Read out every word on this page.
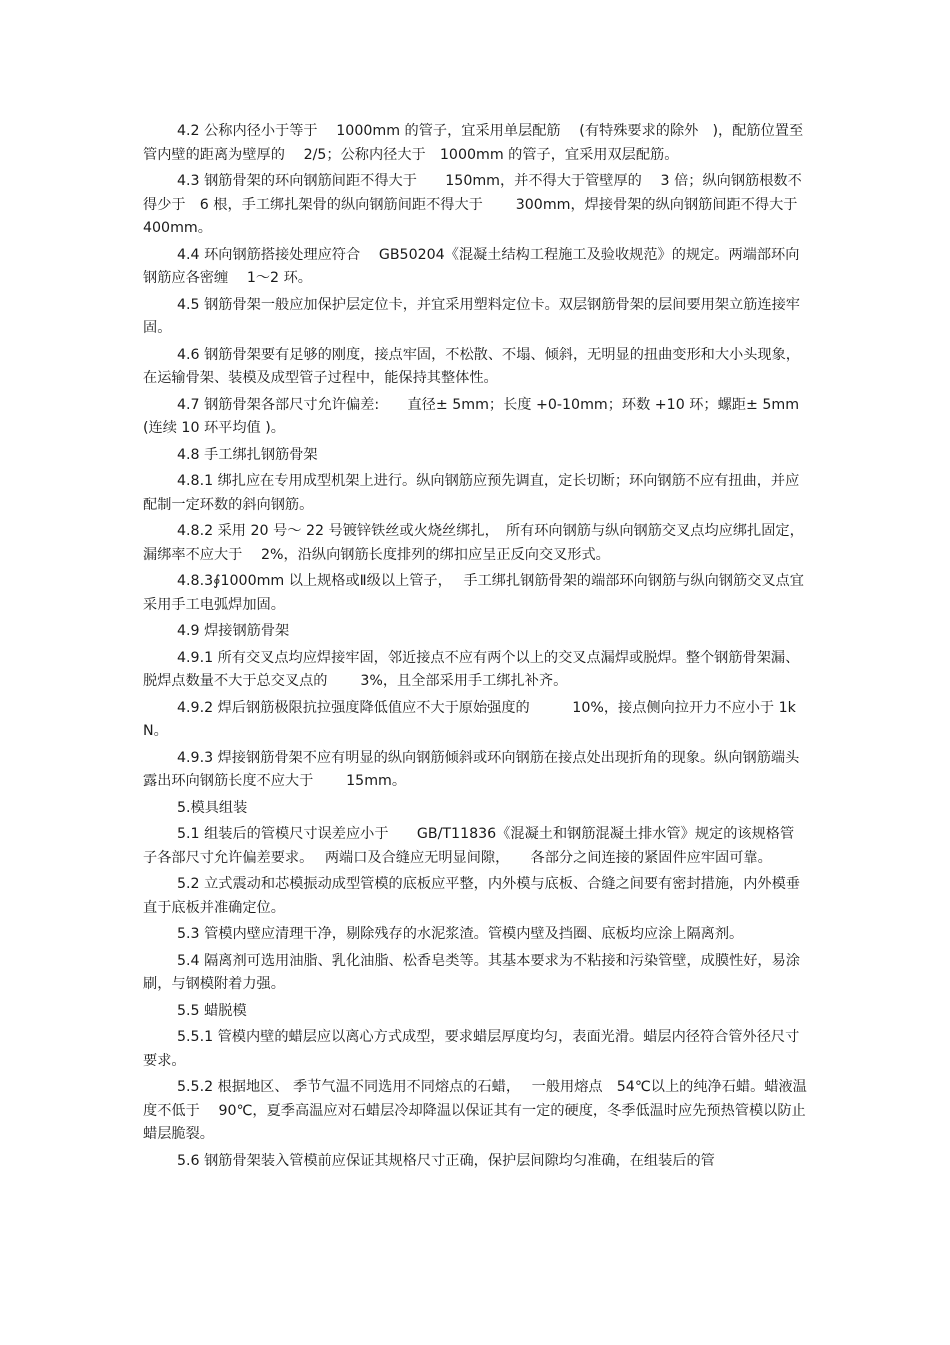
4.2 公称内径小于等于　 1000mm 的管子，宜采用单层配筋　 (有特殊要求的除外　)，配筋位置至管内壁的距离为壁厚的　 2/5；公称内径大于　1000mm 的管子，宜采用双层配筋。

4.3 钢筋骨架的环向钢筋间距不得大于　　150mm，并不得大于管壁厚的　 3 倍；纵向钢筋根数不得少于　6 根，手工绑扎架骨的纵向钢筋间距不得大于　　 300mm，焊接骨架的纵向钢筋间距不得大于　400mm。

4.4 环向钢筋搭接处理应符合　 GB50204《混凝土结构工程施工及验收规范》的规定。两端部环向钢筋应各密缠　 1～2 环。

4.5 钢筋骨架一般应加保护层定位卡，并宜采用塑料定位卡。双层钢筋骨架的层间要用架立筋连接牢固。

4.6 钢筋骨架要有足够的刚度，接点牢固，不松散、不塌、倾斜，无明显的扭曲变形和大小头现象，在运输骨架、装模及成型管子过程中，能保持其整体性。

4.7 钢筋骨架各部尺寸允许偏差:　　直径± 5mm；长度 +0-10mm；环数 +10 环；螺距± 5mm(连续 10 环平均值 )。

4.8 手工绑扎钢筋骨架

4.8.1 绑扎应在专用成型机架上进行。纵向钢筋应预先调直，定长切断；环向钢筋不应有扭曲，并应配制一定环数的斜向钢筋。

4.8.2 采用 20 号～ 22 号镀锌铁丝或火烧丝绑扎，　所有环向钢筋与纵向钢筋交叉点均应绑扎固定，漏绑率不应大于　 2%，沿纵向钢筋长度排列的绑扣应呈正反向交叉形式。

4.8.3∮1000mm 以上规格或Ⅱ级以上管子，　 手工绑扎钢筋骨架的端部环向钢筋与纵向钢筋交叉点宜采用手工电弧焊加固。

4.9 焊接钢筋骨架

4.9.1 所有交叉点均应焊接牢固，邻近接点不应有两个以上的交叉点漏焊或脱焊。整个钢筋骨架漏、脱焊点数量不大于总交叉点的　　 3%，且全部采用手工绑扎补齐。

4.9.2 焊后钢筋极限抗拉强度降低值应不大于原始强度的　　　10%，接点侧向拉开力不应小于 1kN。

4.9.3 焊接钢筋骨架不应有明显的纵向钢筋倾斜或环向钢筋在接点处出现折角的现象。纵向钢筋端头露出环向钢筋长度不应大于　　 15mm。

5.模具组装

5.1 组装后的管模尺寸误差应小于　　GB/T11836《混凝土和钢筋混凝土排水管》规定的该规格管子各部尺寸允许偏差要求。　 两端口及合缝应无明显间隙，　　各部分之间连接的紧固件应牢固可靠。

5.2 立式震动和芯模振动成型管模的底板应平整，内外模与底板、合缝之间要有密封措施，内外模垂直于底板并准确定位。

5.3 管模内壁应清理干净，剔除残存的水泥浆渣。管模内壁及挡圈、底板均应涂上隔离剂。

5.4 隔离剂可选用油脂、乳化油脂、松香皂类等。其基本要求为不粘接和污染管壁，成膜性好，易涂刷，与钢模附着力强。

5.5 蜡脱模

5.5.1 管模内壁的蜡层应以离心方式成型，要求蜡层厚度均匀，表面光滑。蜡层内径符合管外径尺寸要求。

5.5.2 根据地区、 季节气温不同选用不同熔点的石蜡，　 一般用熔点　54℃以上的纯净石蜡。蜡液温度不低于　 90℃，夏季高温应对石蜡层冷却降温以保证其有一定的硬度，冬季低温时应先预热管模以防止蜡层脆裂。

5.6 钢筋骨架装入管模前应保证其规格尺寸正确，保护层间隙均匀准确，在组装后的管
